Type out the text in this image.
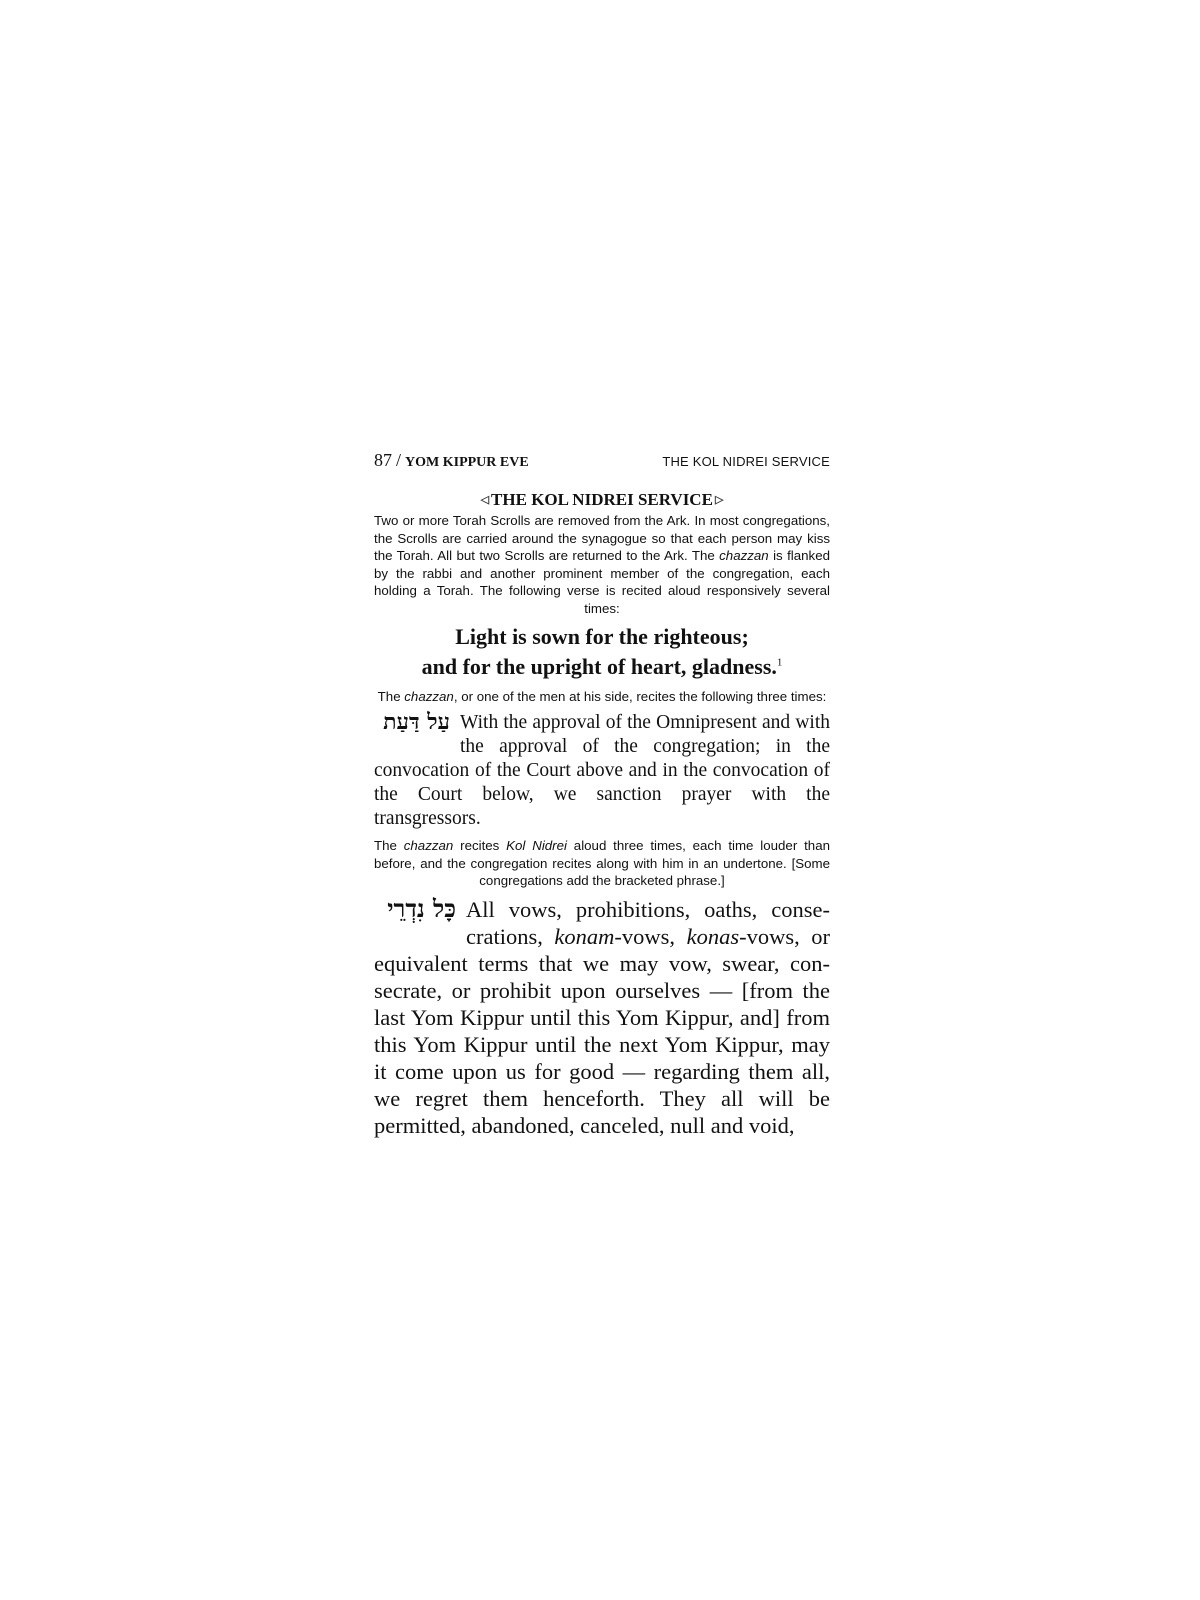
87 / YOM KIPPUR EVE	THE KOL NIDREI SERVICE
◁ THE KOL NIDREI SERVICE ▷

Two or more Torah Scrolls are removed from the Ark. In most congregations, the Scrolls are carried around the synagogue so that each person may kiss the Torah. All but two Scrolls are returned to the Ark. The chazzan is flanked by the rabbi and another prominent member of the congregation, each holding a Torah. The following verse is recited aloud responsively several times:

Light is sown for the righteous;
and for the upright of heart, gladness.$^1$

The chazzan, or one of the men at his side, recites the following three times:

עַל דַּעַת With the approval of the Omnipresent and with the approval of the congregation; in the convocation of the Court above and in the convocation of the Court below, we sanction prayer with the transgressors.

The chazzan recites Kol Nidrei aloud three times, each time louder than before, and the congregation recites along with him in an undertone. [Some congregations add the bracketed phrase.]

כָּל נִדְרֵי All vows, prohibitions, oaths, consecrations, konam-vows, konas-vows, or equivalent terms that we may vow, swear, consecrate, or prohibit upon ourselves — [from the last Yom Kippur until this Yom Kippur, and] from this Yom Kippur until the next Yom Kippur, may it come upon us for good — regarding them all, we regret them henceforth. They all will be permitted, abandoned, canceled, null and void,
